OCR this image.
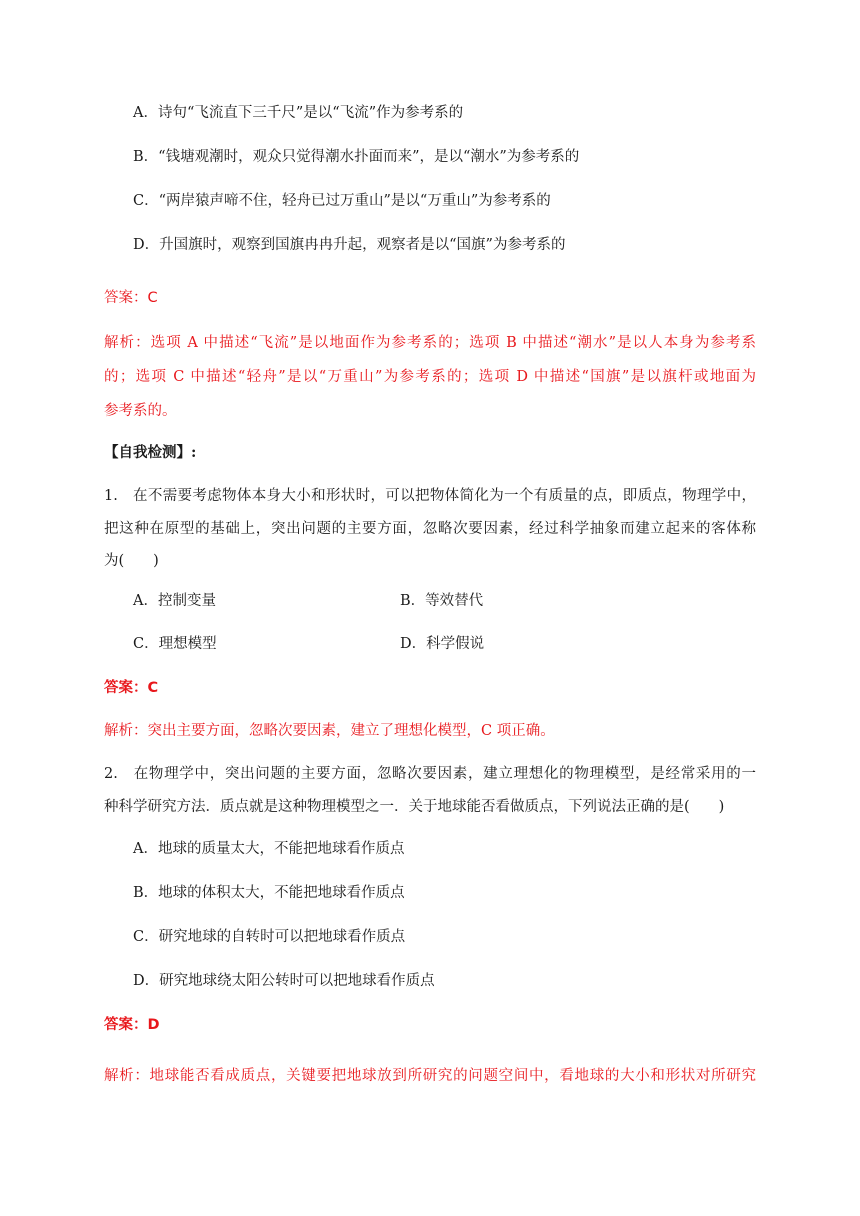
A．诗句“飞流直下三千尺”是以“飞流”作为参考系的
B．“钱塘观潮时，观众只觉得潮水扑面而来”，是以“潮水”为参考系的
C．“两岸猿声啼不住，轻舟已过万重山”是以“万重山”为参考系的
D．升国旗时，观察到国旗冉冉升起，观察者是以“国旗”为参考系的
答案：C
解析：选项 A 中描述“飞流”是以地面作为参考系的；选项 B 中描述“潮水”是以人本身为参考系
的；选项 C 中描述“轻舟”是以“万重山”为参考系的；选项 D 中描述“国旗”是以旗杆或地面为
参考系的。
【自我检测】:
1.　在不需要考虑物体本身大小和形状时，可以把物体简化为一个有质量的点，即质点，物理学中，
把这种在原型的基础上，突出问题的主要方面，忽略次要因素，经过科学抽象而建立起来的客体称
为(　　)
A．控制变量	B．等效替代
C．理想模型	D．科学假说
答案：C
解析：突出主要方面，忽略次要因素，建立了理想化模型，C 项正确。
2.　在物理学中，突出问题的主要方面，忽略次要因素，建立理想化的物理模型，是经常采用的一
种科学研究方法．质点就是这种物理模型之一．关于地球能否看做质点，下列说法正确的是(　　)
A．地球的质量太大，不能把地球看作质点
B．地球的体积太大，不能把地球看作质点
C．研究地球的自转时可以把地球看作质点
D．研究地球绕太阳公转时可以把地球看作质点
答案：D
解析：地球能否看成质点，关键要把地球放到所研究的问题空间中，看地球的大小和形状对所研究
